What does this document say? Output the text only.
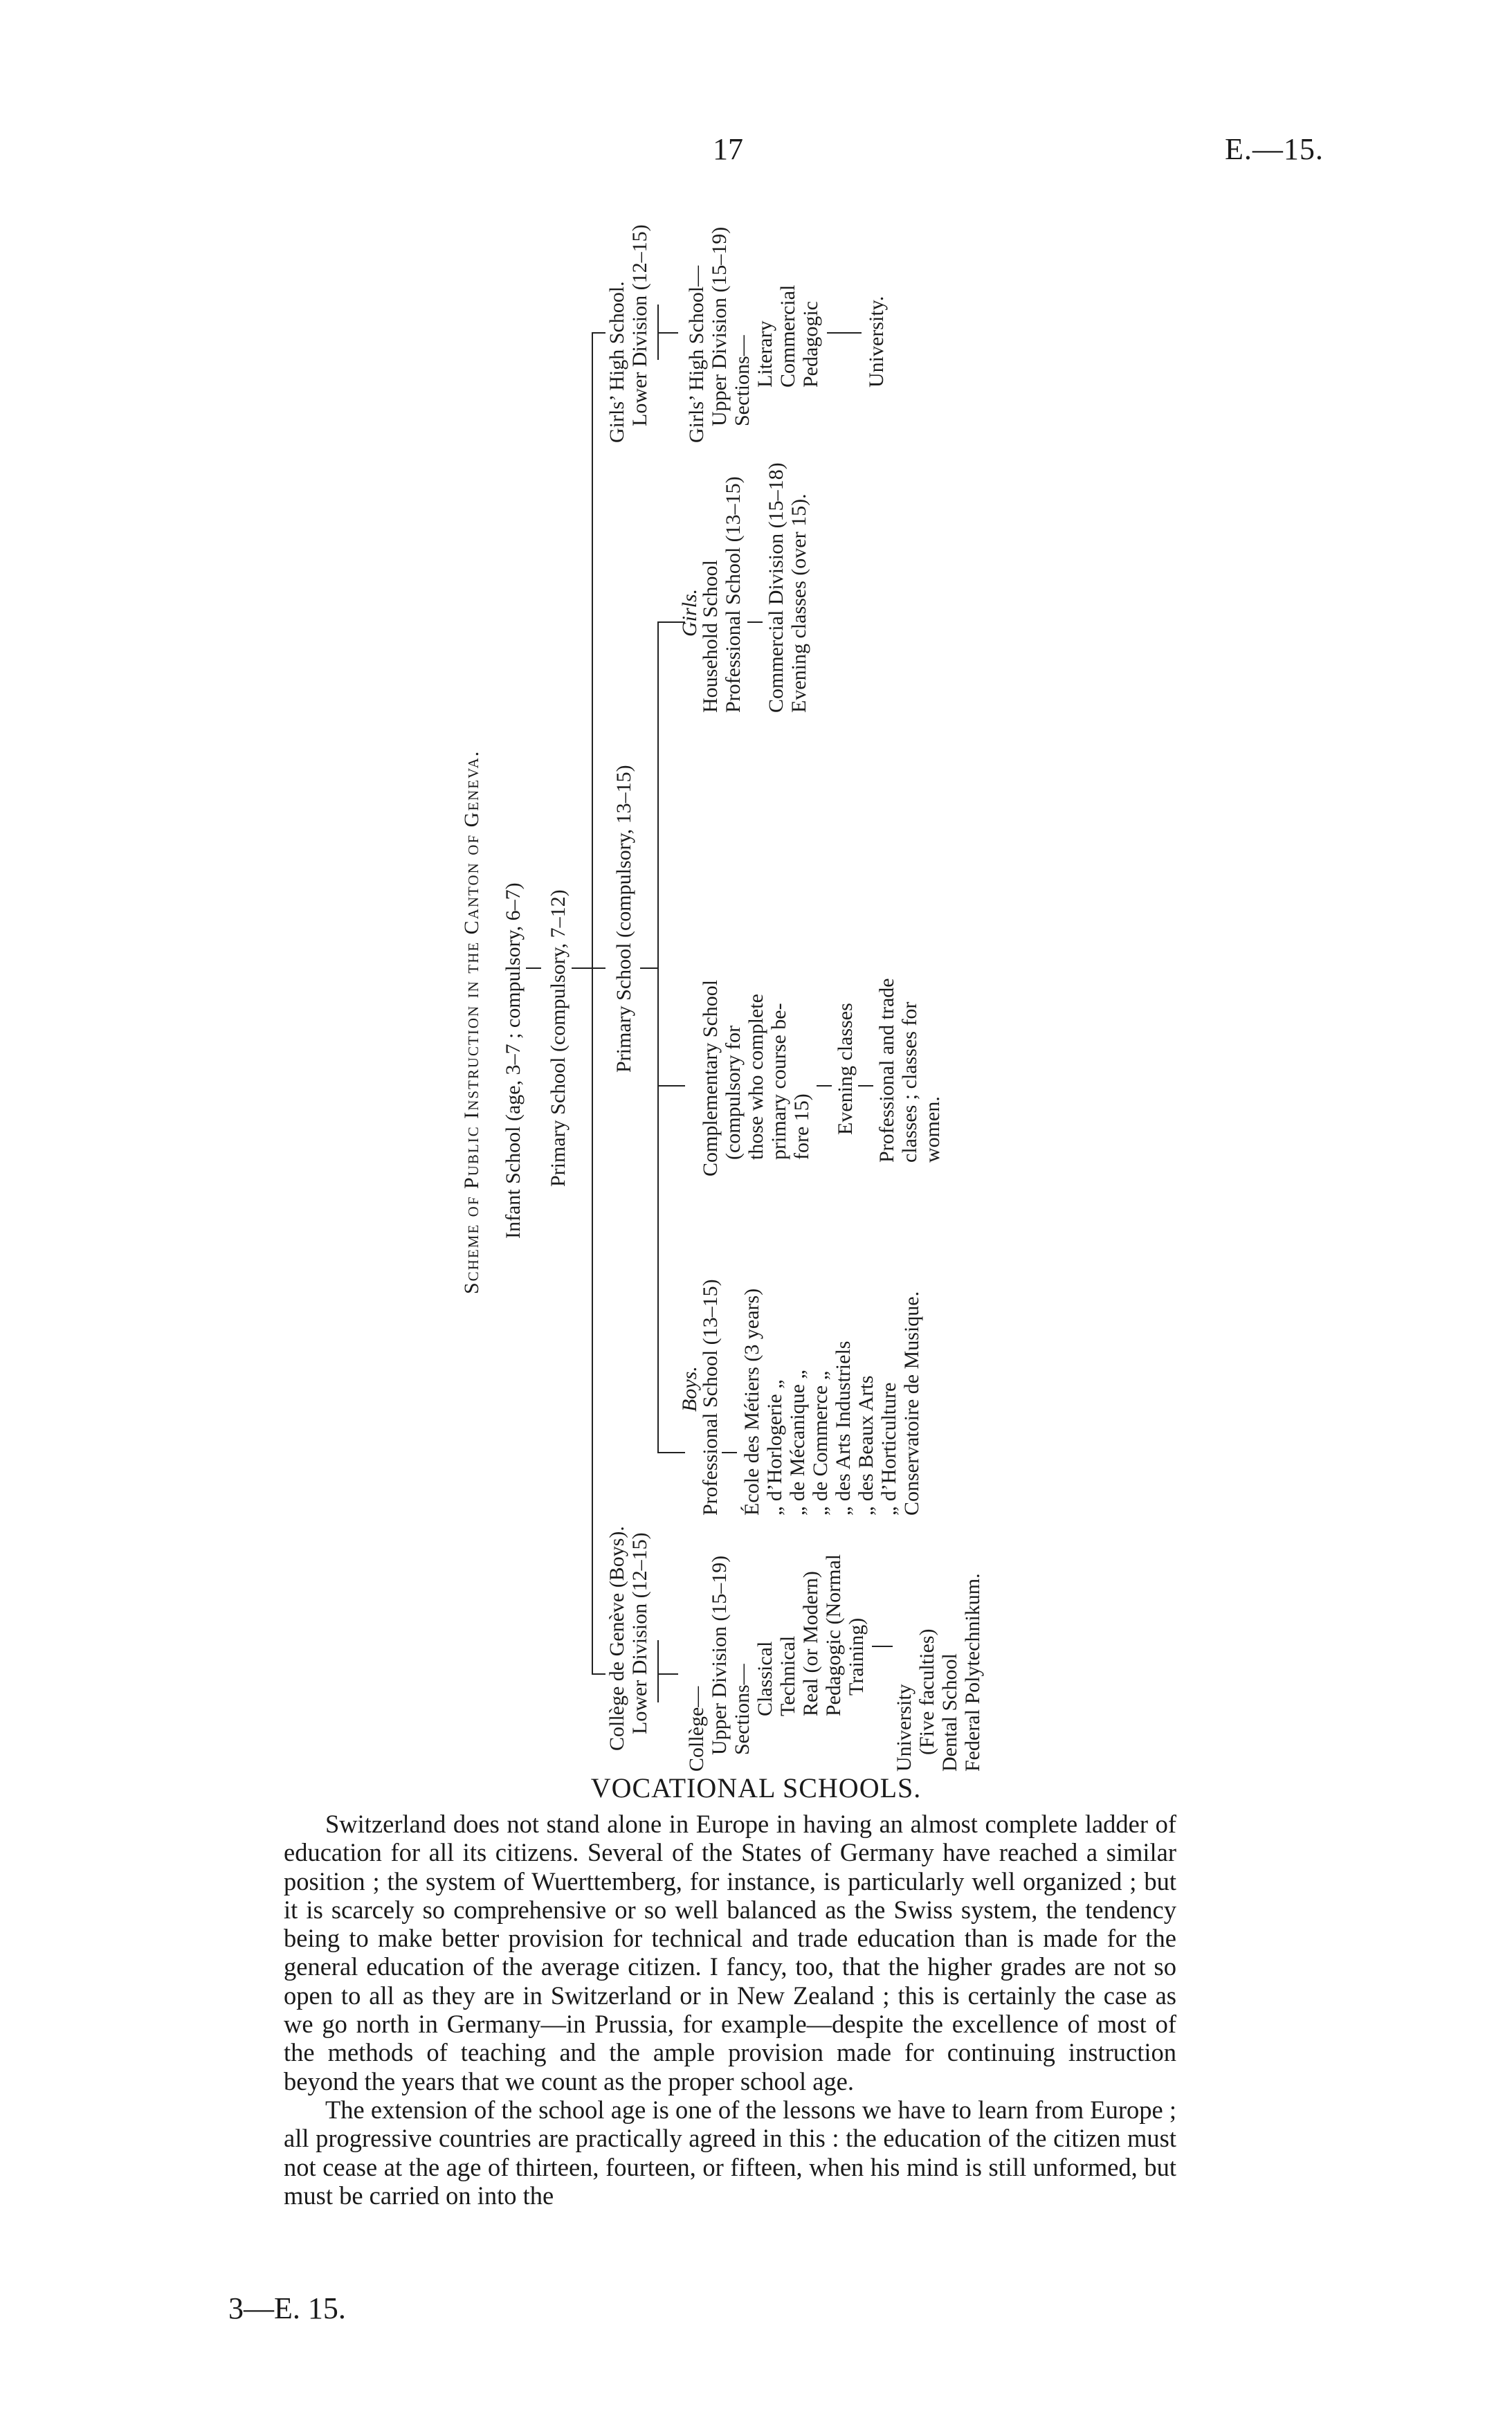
17	E.—15.
Scheme of Public Instruction in the Canton of Geneva. Infant School (age, 3–7 ; compulsory, 6–7) Primary School (compulsory, 7–12)
Collège de Genève (Boys). Lower Division (12–15)
Primary School (compulsory, 13–15)
Girls’ High School. Lower Division (12–15)
Collège— Upper Division (15–19) Sections— Classical Technical Real (or Modern) Pedagogic (Normal Training)
University (Five faculties) Dental School Federal Polytechnikum.
Boys.
Professional School (13–15) École des Métiers (3 years) „ d’Horlogerie „ „ de Mécanique „ „ de Commerce „ „ des Arts Industriels „ des Beaux Arts „ d’Horticulture Conservatoire de Musique.
Complementary School (compulsory for those who complete primary course be- fore 15) Evening classes Professional and trade classes ; classes for women.
Girls.
Household School Professional School (13–15) Commercial Division (15–18) Evening classes (over 15).
Girls’ High School— Upper Division (15–19) Sections— Literary Commercial Pedagogic University.
VOCATIONAL SCHOOLS.

Switzerland does not stand alone in Europe in having an almost complete ladder of education for all its citizens. Several of the States of Germany have reached a similar position ; the system of Wuerttemberg, for instance, is particularly well organized ; but it is scarcely so comprehensive or so well balanced as the Swiss system, the tendency being to make better provision for technical and trade education than is made for the general education of the average citizen. I fancy, too, that the higher grades are not so open to all as they are in Switzerland or in New Zealand ; this is certainly the case as we go north in Germany—in Prussia, for example—despite the excellence of most of the methods of teaching and the ample provision made for continuing instruction beyond the years that we count as the proper school age.

The extension of the school age is one of the lessons we have to learn from Europe ; all progressive countries are practically agreed in this : the education of the citizen must not cease at the age of thirteen, fourteen, or fifteen, when his mind is still unformed, but must be carried on into the

3—E. 15.
